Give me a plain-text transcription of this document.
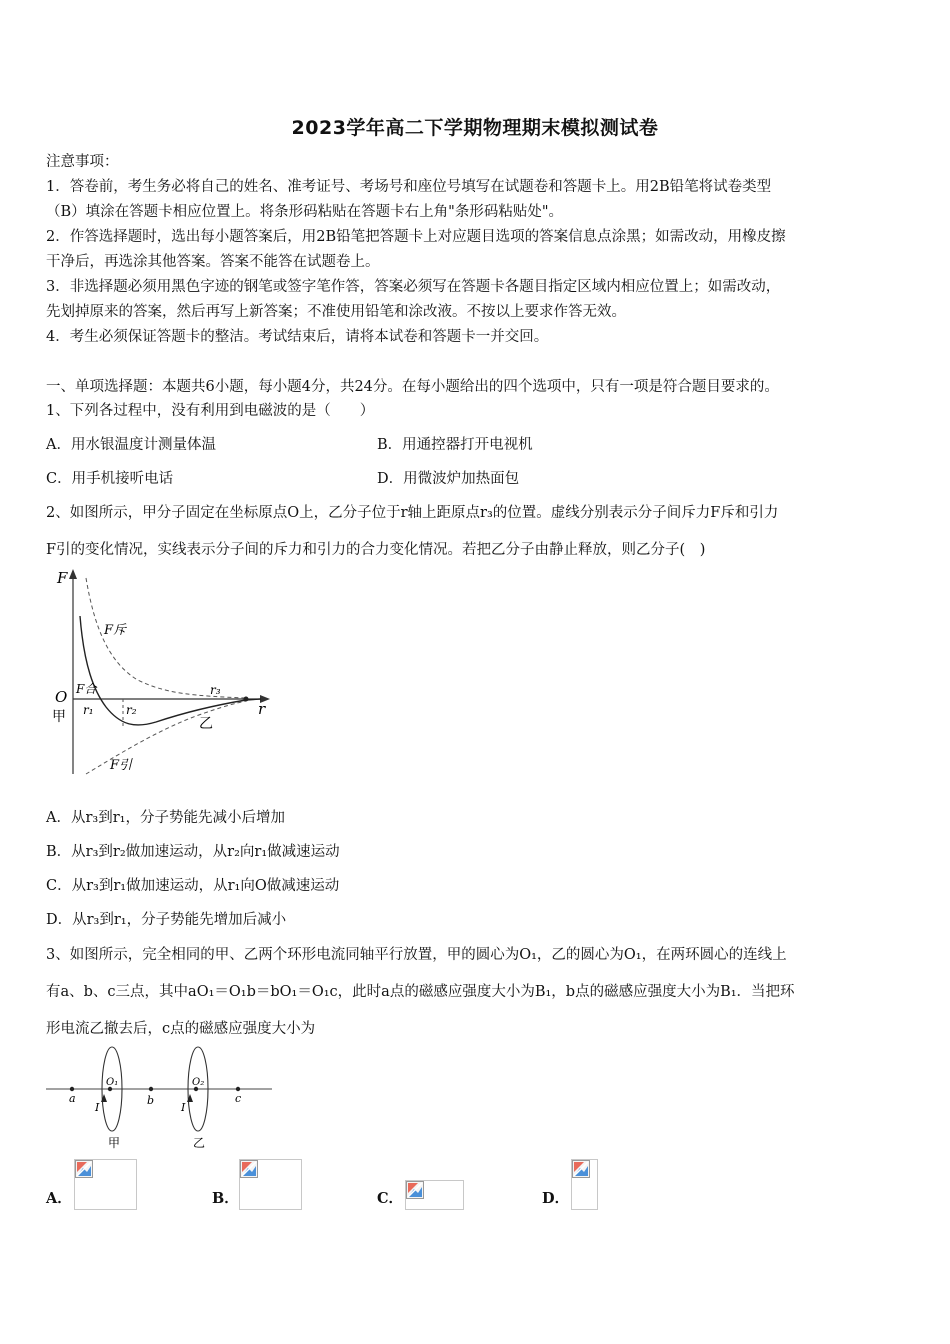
2023学年高二下学期物理期末模拟测试卷
注意事项：
1．答卷前，考生务必将自己的姓名、准考证号、考场号和座位号填写在试题卷和答题卡上。用2B铅笔将试卷类型
（B）填涂在答题卡相应位置上。将条形码粘贴在答题卡右上角"条形码粘贴处"。
2．作答选择题时，选出每小题答案后，用2B铅笔把答题卡上对应题目选项的答案信息点涂黑；如需改动，用橡皮擦
干净后，再选涂其他答案。答案不能答在试题卷上。
3．非选择题必须用黑色字迹的钢笔或签字笔作答，答案必须写在答题卡各题目指定区域内相应位置上；如需改动，
先划掉原来的答案，然后再写上新答案；不准使用铅笔和涂改液。不按以上要求作答无效。
4．考生必须保证答题卡的整洁。考试结束后，请将本试卷和答题卡一并交回。
一、单项选择题：本题共6小题，每小题4分，共24分。在每小题给出的四个选项中，只有一项是符合题目要求的。
1、下列各过程中，没有利用到电磁波的是（　　）
A．用水银温度计测量体温	B．用通控器打开电视机
C．用手机接听电话	D．用微波炉加热面包
2、如图所示，甲分子固定在坐标原点O上，乙分子位于r轴上距原点r₃的位置。虚线分别表示分子间斥力F斥和引力
F引的变化情况，实线表示分子间的斥力和引力的合力变化情况。若把乙分子由静止释放，则乙分子(　)
F
r
O
甲	乙
F斥
F引
F合
r₁	r₂
r₃
A．从r₃到r₁，分子势能先减小后增加
B．从r₃到r₂做加速运动，从r₂向r₁做减速运动
C．从r₃到r₁做加速运动，从r₁向O做减速运动
D．从r₃到r₁，分子势能先增加后减小
3、如图所示，完全相同的甲、乙两个环形电流同轴平行放置，甲的圆心为O₁，乙的圆心为O₁，在两环圆心的连线上
有a、b、c三点，其中aO₁＝O₁b＝bO₁＝O₁c，此时a点的磁感应强度大小为B₁，b点的磁感应强度大小为B₁．当把环
形电流乙撤去后，c点的磁感应强度大小为
a	b	c
O₁	O₂
I	I
甲	乙
A．	B．	C．	D．
